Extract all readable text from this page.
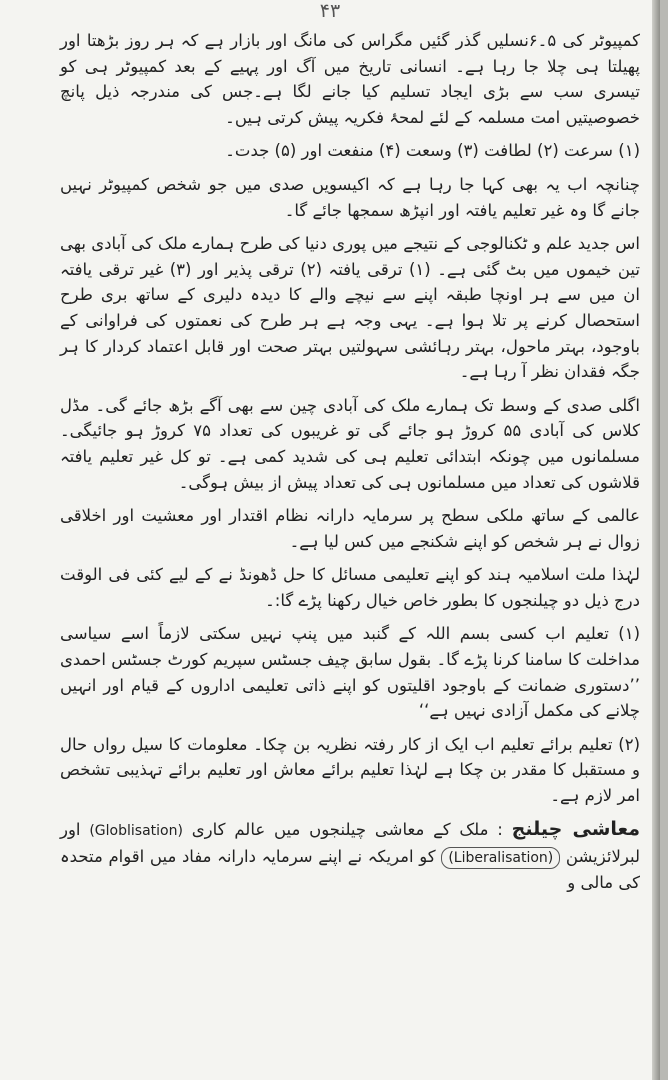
۴۳

کمپیوٹر کی ۵۔۶نسلیں گذر گئیں مگراس کی مانگ اور بازار ہے کہ ہر روز بڑھتا اور پھیلتا ہی چلا جا رہا ہے۔ انسانی تاریخ میں آگ اور پہیے کے بعد کمپیوٹر ہی کو تیسری سب سے بڑی ایجاد تسلیم کیا جانے لگا ہے۔جس کی مندرجہ ذیل پانچ خصوصیتیں امت مسلمہ کے لئے لمحۂ فکریہ پیش کرتی ہیں۔

(۱) سرعت (۲) لطافت (۳) وسعت (۴) منفعت اور (۵) جدت۔

چنانچہ اب یہ بھی کہا جا رہا ہے کہ اکیسویں صدی میں جو شخص کمپیوٹر نہیں جانے گا وہ غیر تعلیم یافتہ اور انپڑھ سمجھا جائے گا۔

اس جدید علم و ٹکنالوجی کے نتیجے میں پوری دنیا کی طرح ہمارے ملک کی آبادی بھی تین خیموں میں بٹ گئی ہے۔ (۱) ترقی یافتہ (۲) ترقی پذیر اور (۳) غیر ترقی یافتہ ان میں سے ہر اونچا طبقہ اپنے سے نیچے والے کا دیدہ دلیری کے ساتھ بری طرح استحصال کرنے پر تلا ہوا ہے۔ یہی وجہ ہے ہر طرح کی نعمتوں کی فراوانی کے باوجود، بہتر ماحول، بہتر رہائشی سہولتیں بہتر صحت اور قابل اعتماد کردار کا ہر جگہ فقدان نظر آ رہا ہے۔

اگلی صدی کے وسط تک ہمارے ملک کی آبادی چین سے بھی آگے بڑھ جائے گی۔ مڈل کلاس کی آبادی ۵۵ کروڑ ہو جائے گی تو غریبوں کی تعداد ۷۵ کروڑ ہو جائیگی۔ مسلمانوں میں چونکہ ابتدائی تعلیم ہی کی شدید کمی ہے۔ تو کل غیر تعلیم یافتہ قلاشوں کی تعداد میں مسلمانوں ہی کی تعداد پیش از بیش ہوگی۔

عالمی کے ساتھ ملکی سطح پر سرمایہ دارانہ نظام اقتدار اور معشیت اور اخلاقی زوال نے ہر شخص کو اپنے شکنجے میں کس لیا ہے۔

لہٰذا ملت اسلامیہ ہند کو اپنے تعلیمی مسائل کا حل ڈھونڈ نے کے لیے کئی فی الوقت درج ذیل دو چیلنجوں کا بطور خاص خیال رکھنا پڑے گا:۔

(۱) تعلیم اب کسی بسم اللہ کے گنبد میں پنپ نہیں سکتی لازماً اسے سیاسی مداخلت کا سامنا کرنا پڑے گا۔ بقول سابق چیف جسٹس سپریم کورٹ جسٹس احمدی ’’دستوری ضمانت کے باوجود اقلیتوں کو اپنے ذاتی تعلیمی اداروں کے قیام اور انہیں چلانے کی مکمل آزادی نہیں ہے‘‘

(۲) تعلیم برائے تعلیم اب ایک از کار رفتہ نظریہ بن چکا۔ معلومات کا سیل رواں حال و مستقبل کا مقدر بن چکا ہے لہٰذا تعلیم برائے معاش اور تعلیم برائے تہذیبی تشخص امر لازم ہے۔

معاشی چیلنج : ملک کے معاشی چیلنجوں میں عالم کاری (Globlisation) اور لبرلائزیشن (Liberalisation) کو امریکہ نے اپنے سرمایہ دارانہ مفاد میں اقوام متحدہ کی مالی و
